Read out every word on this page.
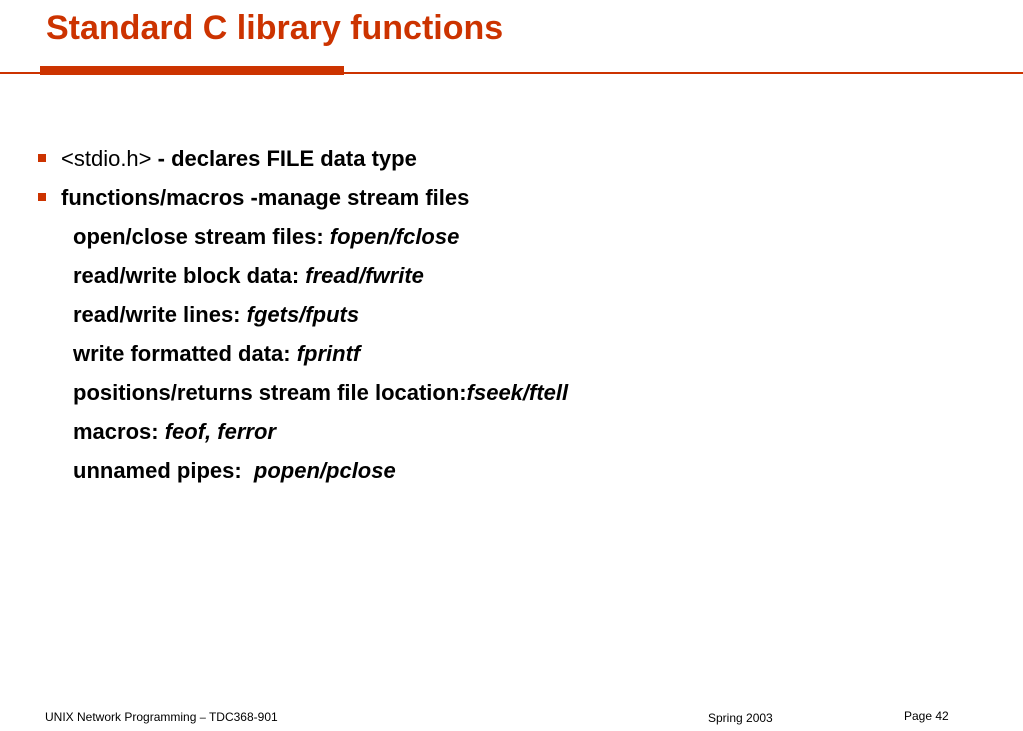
Standard C library functions
<stdio.h> - declares FILE data type
functions/macros -manage stream files
open/close stream files: fopen/fclose
read/write block data: fread/fwrite
read/write lines: fgets/fputs
write formatted data: fprintf
positions/returns stream file location:fseek/ftell
macros: feof, ferror
unnamed pipes:  popen/pclose
UNIX Network Programming – TDC368-901	Spring 2003	Page 42
